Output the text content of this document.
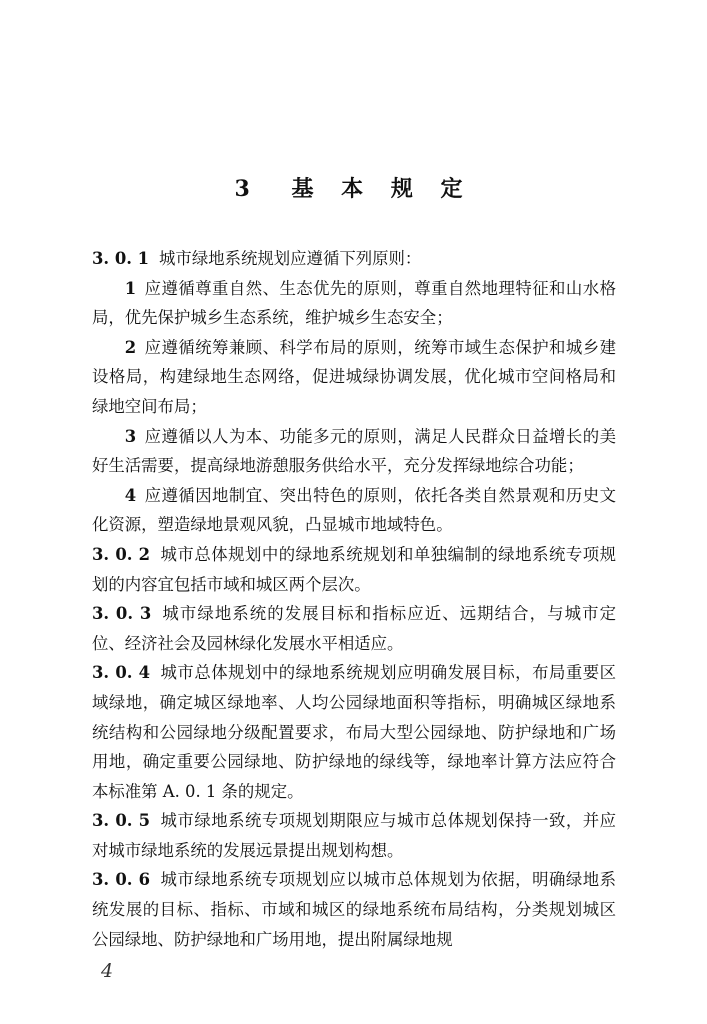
3 基 本 规 定

3. 0. 1 城市绿地系统规划应遵循下列原则：

1 应遵循尊重自然、生态优先的原则，尊重自然地理特征和山水格局，优先保护城乡生态系统，维护城乡生态安全；

2 应遵循统筹兼顾、科学布局的原则，统筹市域生态保护和城乡建设格局，构建绿地生态网络，促进城绿协调发展，优化城市空间格局和绿地空间布局；

3 应遵循以人为本、功能多元的原则，满足人民群众日益增长的美好生活需要，提高绿地游憩服务供给水平，充分发挥绿地综合功能；

4 应遵循因地制宜、突出特色的原则，依托各类自然景观和历史文化资源，塑造绿地景观风貌，凸显城市地域特色。

3. 0. 2 城市总体规划中的绿地系统规划和单独编制的绿地系统专项规划的内容宜包括市域和城区两个层次。

3. 0. 3 城市绿地系统的发展目标和指标应近、远期结合，与城市定位、经济社会及园林绿化发展水平相适应。

3. 0. 4 城市总体规划中的绿地系统规划应明确发展目标，布局重要区域绿地，确定城区绿地率、人均公园绿地面积等指标，明确城区绿地系统结构和公园绿地分级配置要求，布局大型公园绿地、防护绿地和广场用地，确定重要公园绿地、防护绿地的绿线等，绿地率计算方法应符合本标准第 A. 0. 1 条的规定。

3. 0. 5 城市绿地系统专项规划期限应与城市总体规划保持一致，并应对城市绿地系统的发展远景提出规划构想。

3. 0. 6 城市绿地系统专项规划应以城市总体规划为依据，明确绿地系统发展的目标、指标、市域和城区的绿地系统布局结构，分类规划城区公园绿地、防护绿地和广场用地，提出附属绿地规

4
